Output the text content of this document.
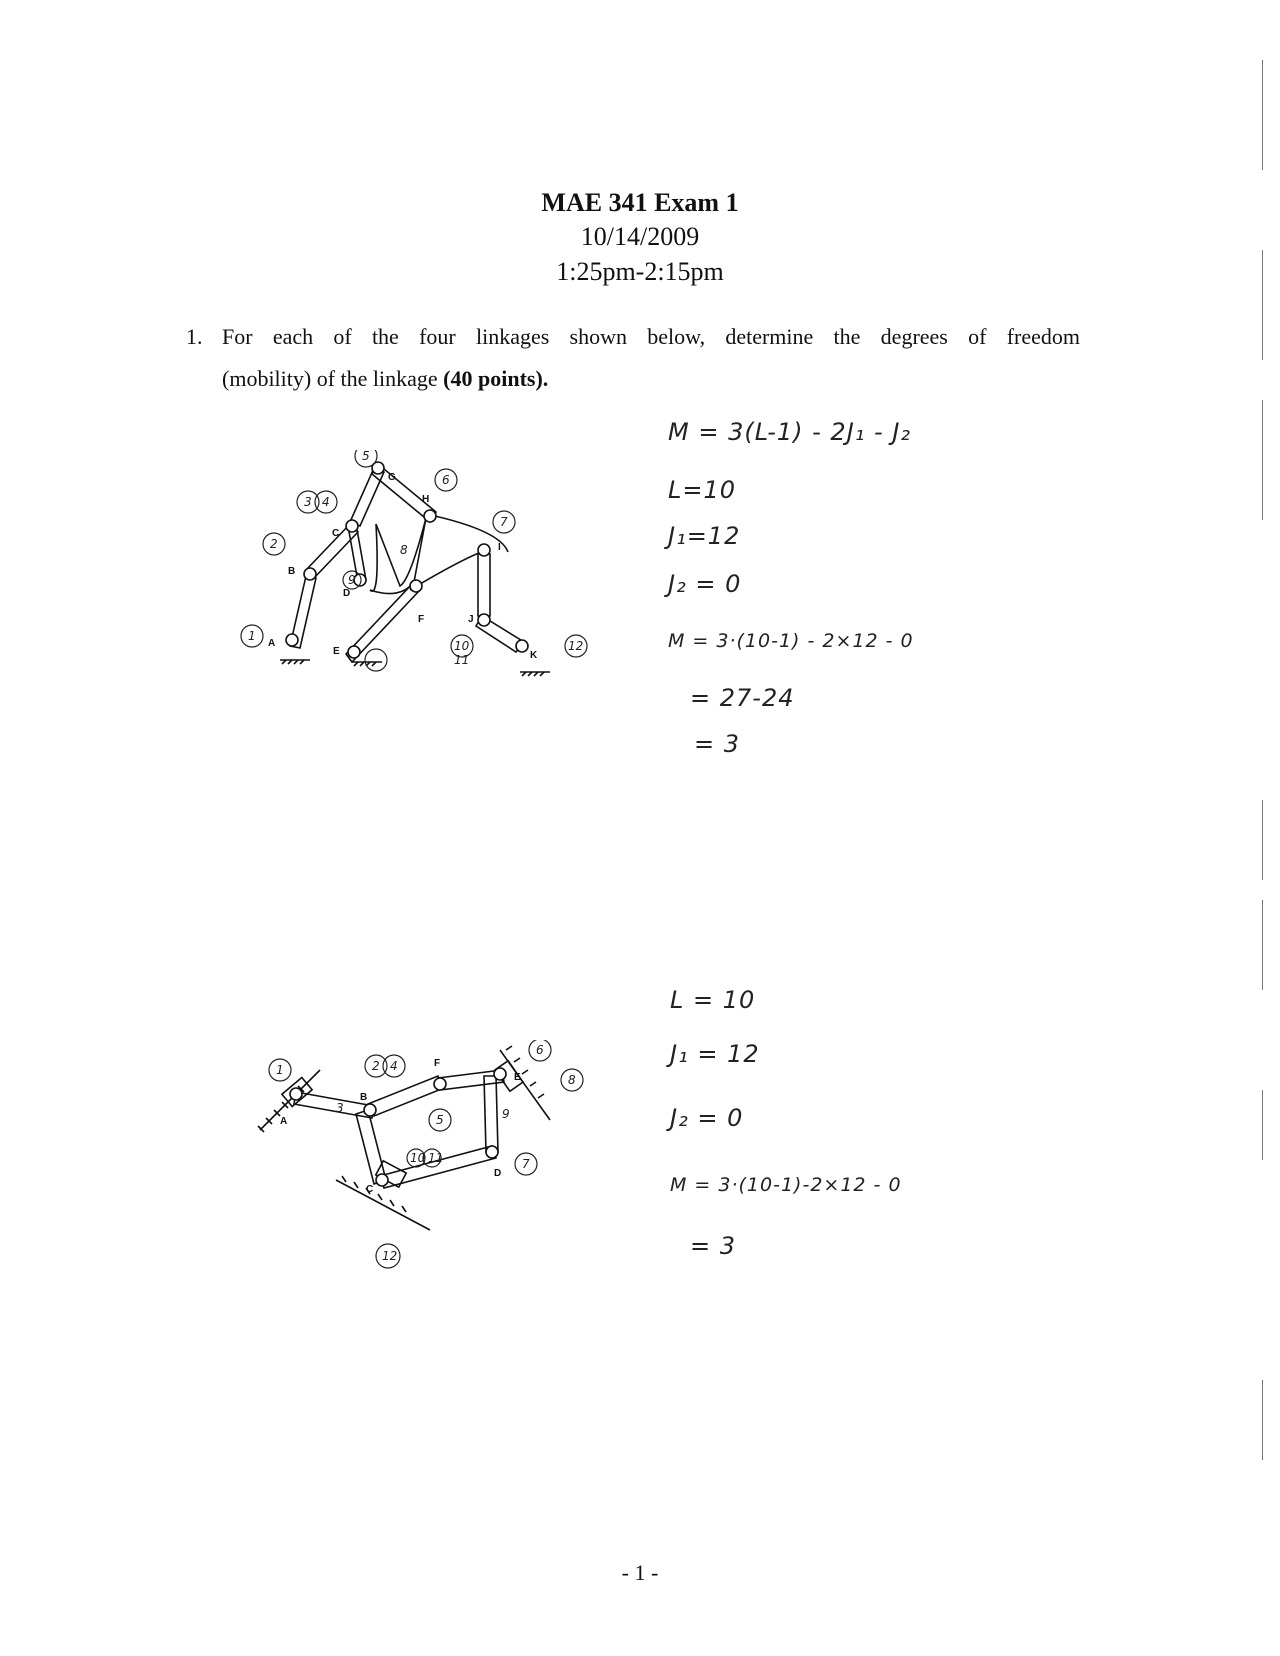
MAE 341 Exam 1
10/14/2009
1:25pm-2:15pm
1. For each of the four linkages shown below, determine the degrees of freedom
(mobility) of the linkage (40 points).
M = 3(L-1) - 2J₁ - J₂
L=10
J₁=12
J₂ = 0
M = 3·(10-1) - 2×12 - 0
= 27-24
= 3
L = 10
J₁ = 12
J₂ = 0
M = 3·(10-1)-2×12 - 0
= 3
A
B
C
D
E
F
G
H
I
J
K
1
2
3 4
5
6
7
8
9
10
11
12
A
B
C
D
E
F
1	2 4
3
5
6
8
7
9
10 11
12
- 1 -
